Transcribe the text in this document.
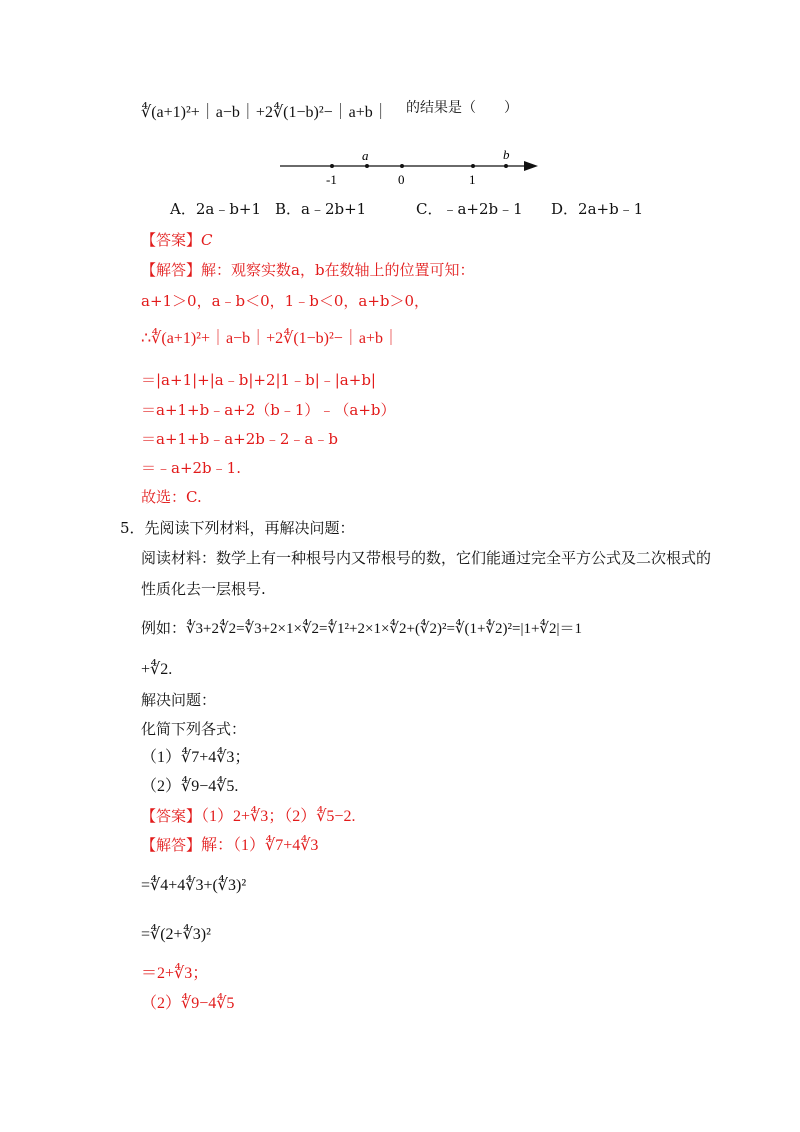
∜(a+1)²+｜a−b｜+2∜(1−b)²−｜a+b｜ 的结果是（　　）
a	b
-1	0	1
A．2a﹣b+1 B．a﹣2b+1	C．﹣a+2b﹣1 D．2a+b﹣1
【答案】C
【解答】解：观察实数a，b在数轴上的位置可知：
a+1＞0，a﹣b＜0，1﹣b＜0，a+b＞0，
∴∜(a+1)²+｜a−b｜+2∜(1−b)²−｜a+b｜
＝|a+1|+|a﹣b|+2|1﹣b|﹣|a+b|
＝a+1+b﹣a+2（b﹣1）﹣（a+b）
＝a+1+b﹣a+2b﹣2﹣a﹣b
＝﹣a+2b﹣1.
故选：C.
5．先阅读下列材料，再解决问题：
阅读材料：数学上有一种根号内又带根号的数，它们能通过完全平方公式及二次根式的
性质化去一层根号.
例如：∜3+2∜2=∜3+2×1×∜2=∜1²+2×1×∜2+(∜2)²=∜(1+∜2)²=|1+∜2|＝1
+∜2.
解决问题：
化简下列各式：
（1）∜7+4∜3；
（2）∜9−4∜5.
【答案】（1）2+∜3；（2）∜5−2.
【解答】解：（1）∜7+4∜3
=∜4+4∜3+(∜3)²
=∜(2+∜3)²
＝2+∜3；
（2）∜9−4∜5
